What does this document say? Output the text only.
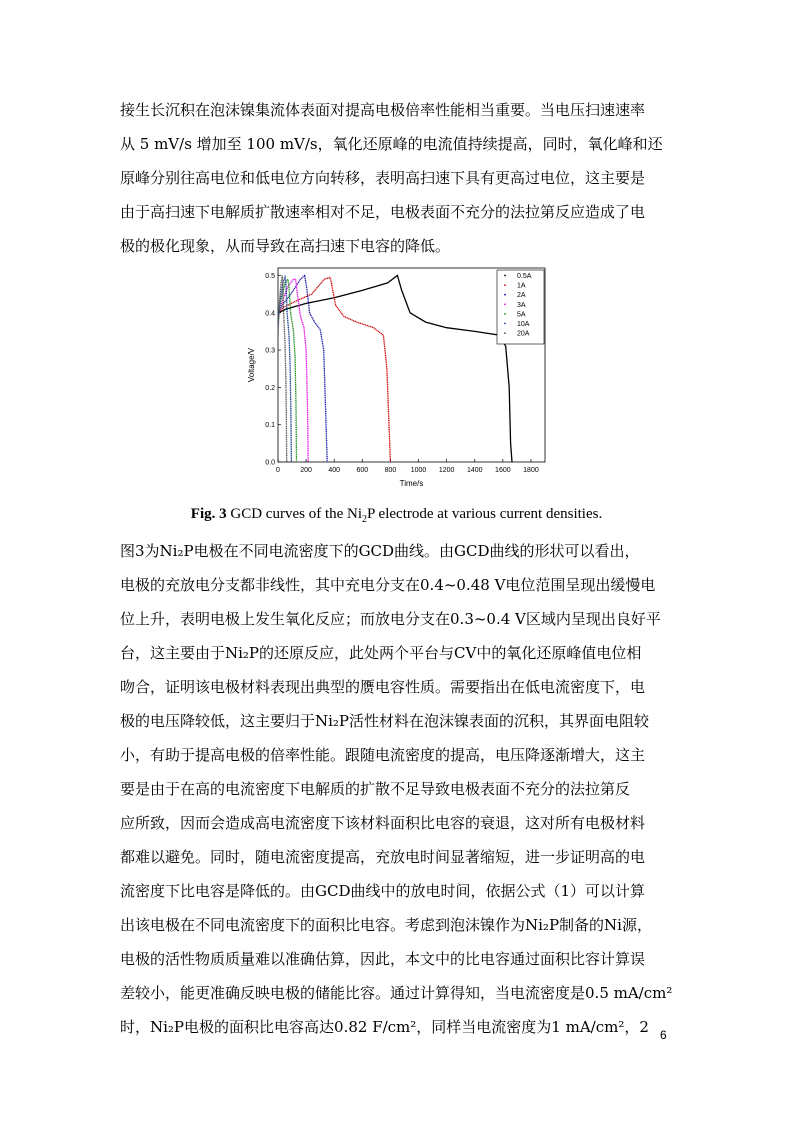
接生长沉积在泡沫镍集流体表面对提高电极倍率性能相当重要。当电压扫速速率
从 5 mV/s 增加至 100 mV/s，氧化还原峰的电流值持续提高，同时，氧化峰和还
原峰分别往高电位和低电位方向转移，表明高扫速下具有更高过电位，这主要是
由于高扫速下电解质扩散速率相对不足，电极表面不充分的法拉第反应造成了电
极的极化现象，从而导致在高扫速下电容的降低。
0	200 400 600 800 1000 1200 1400 1600 1800
0.0
0.1
0.2
0.3
0.4
0.5
Time/s
Voltage/V
0.5A
1A
2A
3A
5A
10A
20A
Fig. 3 GCD curves of the $Ni_2P$ electrode at various current densities.
图3为Ni₂P电极在不同电流密度下的GCD曲线。由GCD曲线的形状可以看出，
电极的充放电分支都非线性，其中充电分支在0.4~0.48 V电位范围呈现出缓慢电
位上升，表明电极上发生氧化反应；而放电分支在0.3~0.4 V区域内呈现出良好平
台，这主要由于Ni₂P的还原反应，此处两个平台与CV中的氧化还原峰值电位相
吻合，证明该电极材料表现出典型的赝电容性质。需要指出在低电流密度下，电
极的电压降较低，这主要归于Ni₂P活性材料在泡沫镍表面的沉积，其界面电阻较
小，有助于提高电极的倍率性能。跟随电流密度的提高，电压降逐渐增大，这主
要是由于在高的电流密度下电解质的扩散不足导致电极表面不充分的法拉第反
应所致，因而会造成高电流密度下该材料面积比电容的衰退，这对所有电极材料
都难以避免。同时，随电流密度提高，充放电时间显著缩短，进一步证明高的电
流密度下比电容是降低的。由GCD曲线中的放电时间，依据公式（1）可以计算
出该电极在不同电流密度下的面积比电容。考虑到泡沫镍作为Ni₂P制备的Ni源，
电极的活性物质质量难以准确估算，因此，本文中的比电容通过面积比容计算误
差较小，能更准确反映电极的储能比容。通过计算得知，当电流密度是0.5 mA/cm²
时，Ni₂P电极的面积比电容高达0.82 F/cm²，同样当电流密度为1 mA/cm²，2 6
